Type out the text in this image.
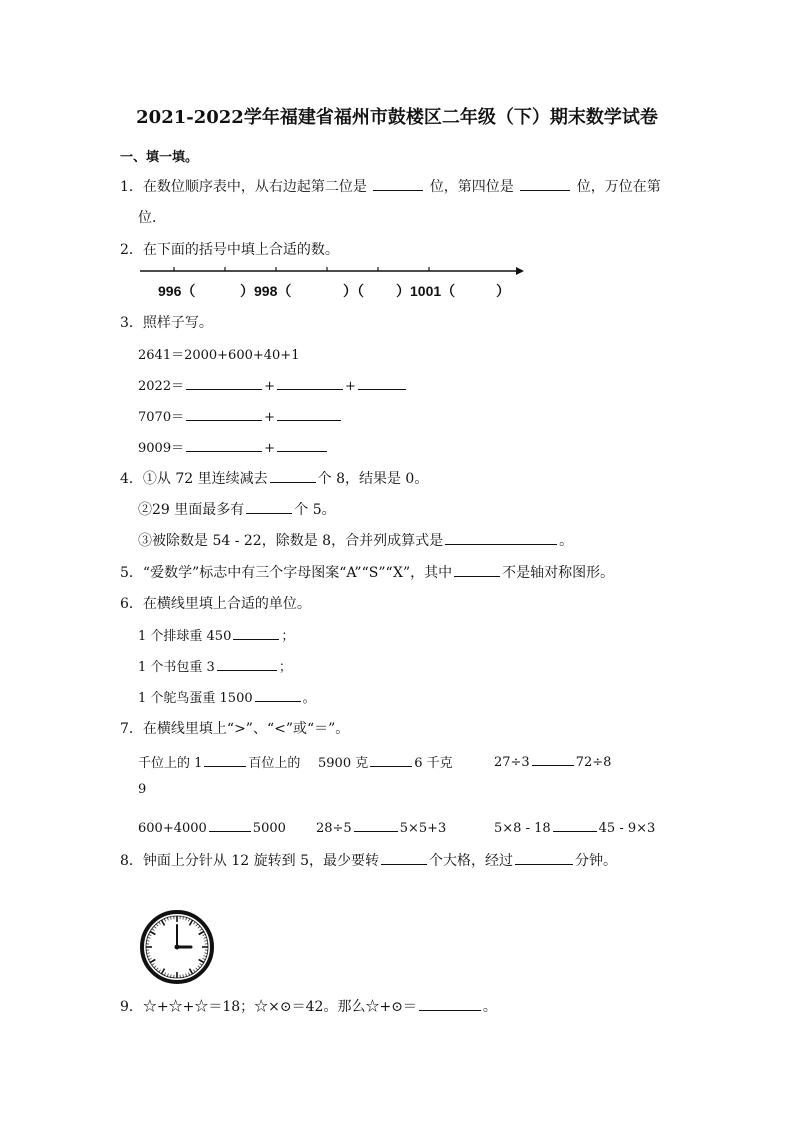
2021-2022学年福建省福州市鼓楼区二年级（下）期末数学试卷
一、填一填。
1．在数位顺序表中，从右边起第二位是	位，第四位是	位，万位在第
位．
2．在下面的括号中填上合适的数。
996（	）998（	）（ ）1001（	）
3．照样子写。
2641＝2000+600+40+1
2022＝	+	+
7070＝	+
9009＝	+
4．①从 72 里连续减去	个 8，结果是 0。
②29 里面最多有	个 5。
③被除数是 54 - 22，除数是 8，合并列成算式是	。
5．“爱数学”标志中有三个字母图案“A”“S”“X”，其中	不是轴对称图形。
6．在横线里填上合适的单位。
1 个排球重 450	；
1 个书包重 3	；
1 个鸵鸟蛋重 1500	。
7．在横线里填上“>”、“<”或“＝”。
千位上的 1	百位上的
9
5900 克	6 千克	27÷3	72÷8
600+4000	5000 28÷5	5×5+3	5×8 - 18	45 - 9×3
8．钟面上分针从 12 旋转到 5，最少要转	个大格，经过	分钟。
9．☆+☆+☆＝18；☆×⊙＝42。那么☆+⊙＝	。
